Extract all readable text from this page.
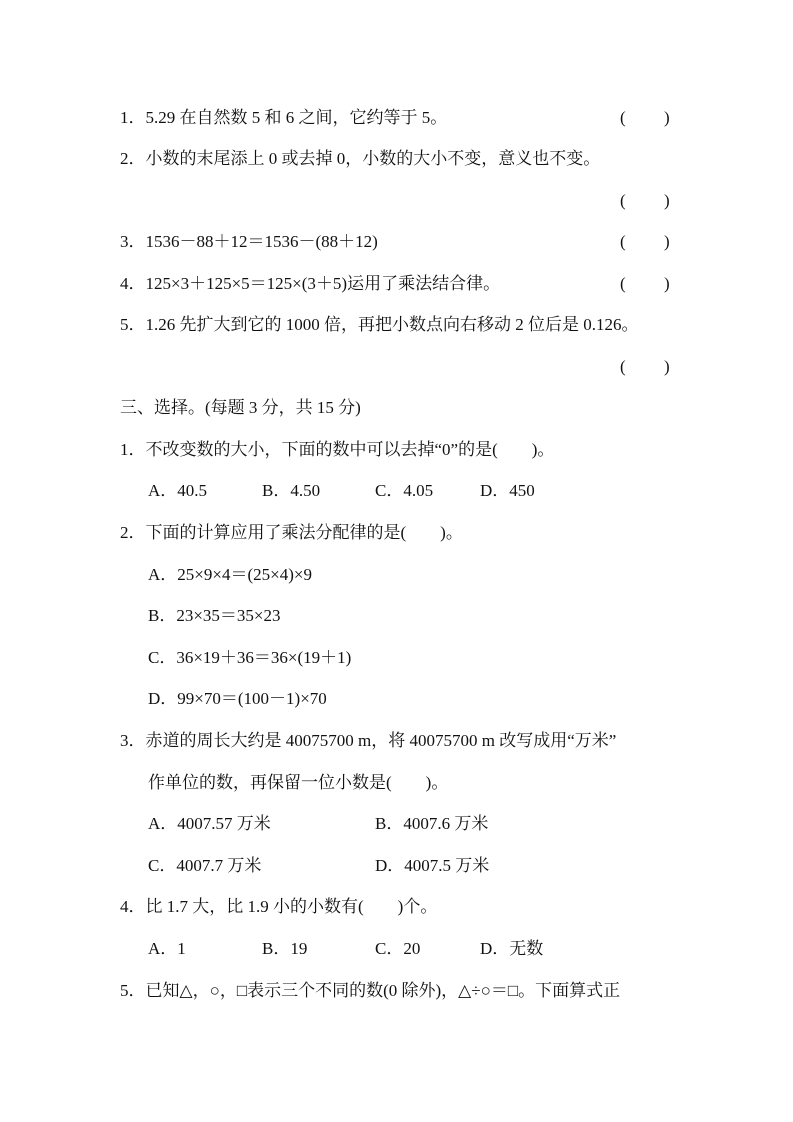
1．5.29 在自然数 5 和 6 之间，它约等于 5。	( )
2．小数的末尾添上 0 或去掉 0，小数的大小不变，意义也不变。
( )
3．1536－88＋12＝1536－(88＋12)	( )
4．125×3＋125×5＝125×(3＋5)运用了乘法结合律。	( )
5．1.26 先扩大到它的 1000 倍，再把小数点向右移动 2 位后是 0.126。
( )
三、选择。(每题 3 分，共 15 分)
1．不改变数的大小，下面的数中可以去掉“0”的是(　　)。
A．40.5	B．4.50	C．4.05	D．450
2．下面的计算应用了乘法分配律的是(　　)。
A．25×9×4＝(25×4)×9
B．23×35＝35×23
C．36×19＋36＝36×(19＋1)
D．99×70＝(100－1)×70
3．赤道的周长大约是 40075700 m，将 40075700 m 改写成用“万米”
作单位的数，再保留一位小数是(　　)。
A．4007.57 万米	B．4007.6 万米
C．4007.7 万米	D．4007.5 万米
4．比 1.7 大，比 1.9 小的小数有(　　)个。
A．1	B．19	C．20	D．无数
5．已知△，○，□表示三个不同的数(0 除外)，△÷○＝□。下面算式正
